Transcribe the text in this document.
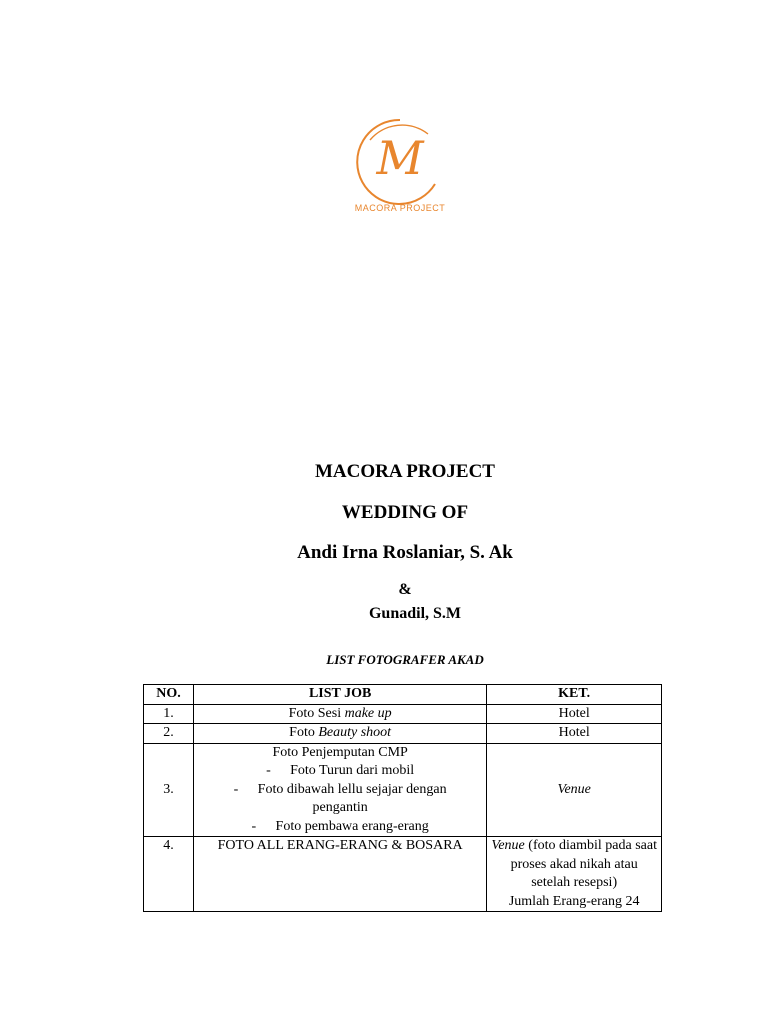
M
MACORA PROJECT
MACORA PROJECT
WEDDING OF
Andi Irna Roslaniar, S. Ak
&
Gunadil, S.M
LIST FOTOGRAFER AKAD
NO.	LIST JOB	KET.
1.	Foto Sesi make up	Hotel
2.	Foto Beauty shoot	Hotel
3.	Foto Penjemputan CMP
- Foto Turun dari mobil
- Foto dibawah lellu sejajar dengan
pengantin
- Foto pembawa erang-erang	Venue
4.	FOTO ALL ERANG-ERANG & BOSARA	Venue (foto diambil pada saat proses akad nikah atau setelah resepsi)
Jumlah Erang-erang 24
